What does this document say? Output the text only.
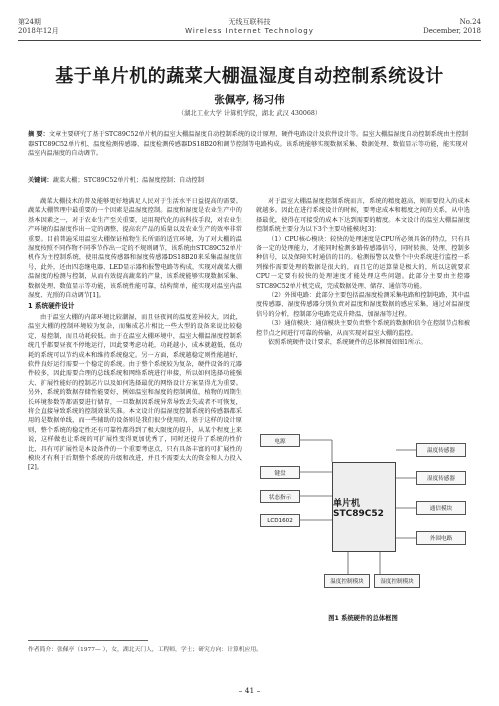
第24期
2018年12月
无线互联科技
Wireless Internet Technology
No.24
December, 2018
基于单片机的蔬菜大棚温湿度自动控制系统设计
张佩亭, 杨习伟
（湖北工业大学 计算机学院，湖北 武汉 430068）
摘 要：文章主要研究了基于STC89C52单片机的温室大棚温湿度自动控制系统的设计原理、硬件电路设计及软件设计等。温室大棚温湿度自动控制系统由主控制器STC89C52单片机、温度检测传感器、温度检测传感器DS18B20和调节控制等电路构成。该系统能够实现数据采集、数据处理、数值显示等功能，能实现对温室内温湿度的自动调节。
关键词：蔬菜大棚；STC89C52单片机；温湿度控制；自动控制

蔬菜大棚技术的普及能够更好地满足人民对于生活水平日益提高的需要。蔬菜大棚管理中最重要的一个因素是温湿度控制。温度和湿度是农业生产中的基本因素之一，对于农业生产至关重要，运用现代化的高科技手段，对农业生产环境的温湿度作出一定的调整，提高农产品的质量以及农业生产的效率非常重要。目前普遍采用温室大棚保证植物生长所需的适宜环境，为了对大棚的温湿度按照不同作物不同季节作出一定的不规则调节，该系统由STC89C52单片机作为主控制系统，使用温度传感器和湿度传感器DS18B20来采集温湿度信号，此外，还由四态继电器、LED显示器和报警电路等构成，实现对蔬菜大棚温湿度的检测与控制，从而有效提高蔬菜的产量，该系统能够实现数据采集、数据处理、数值显示等功能，该系统性能可靠，结构简单，能实现对温室内温湿度、光照的自动调节[1]。

1 系统硬件设计

由于温室大棚的内部环境比较潮湿，而且昼夜间的温度差异较大，因此，温室大棚的控制环境较为复杂，而集成芯片相比一些大型的设备来说比较稳定，易控制，而且功耗较低。由于在温室大棚环境中，温室大棚温湿度控制系统几乎都要昼夜不停地运行，因此要考虑功耗，功耗越小，成本就越低，低功耗的系统可以节约成本和维持系统稳定。另一方面，系统越稳定则性能越好，软件良好运行需要一个稳定的系统。由于整个系统较为复杂，硬件设备的元器件较多，因此需要合理的总线系统和网络系统进行串接，所以如何选择功能强大、扩展性能好的控制芯片以及如何选择最优的网络设计方案显得尤为重要。另外，系统的数据存储性能要好，例如温室和湿度的控制阈值，植物的周期生长环境参数等都需要进行储存，一旦数据因系统异常导致丢失或者不可恢复，将会直接导致系统的控制效果失准。本文设计的温湿度控制系统的传感器都采用的是数据单线，而一些辅助的设备则是我们很少使用的，基于这样的设计原则，整个系统的稳定性还有可靠性都得到了极大限度的提升，从某个程度上来说，这样做也让系统的可扩展性变得更加优秀了，同时还提升了系统的性价比，具有可扩展性是本设备件的一个重要考虑点，只有具备丰富的可扩展性的模块才有利于后期整个系统的升级和改进，并且不需要太大的资金和人力投入[2]。

对于温室大棚温湿度控制系统而言，系统的精度越高，则需要投入的成本就越多。因此在进行系统设计的时候，要考虑成本和精度之间的关系，从中选择最优，使得在可接受的成本下达到需要的精度。本文设计的温室大棚温湿度控制系统主要分为以下3个主要功能模块[3]：

（1）CPU核心模块：较快的处理速度是CPU所必须具备的特点，只有具备一定的处理能力，才能同时检测多路传感器信号，同时转换、处理、控制多种信号，以及保障实时通信的目的。检测报警以及整个中央系统进行监控一系列操作需要处理的数据是很大的，而且它的运算量是极大的，所以这就要求CPU一定要有较快的处理速度才能处理这些问题。此部分主要由主控器STC89C52单片机完成，完成数据处理、储存、通信等功能。

（2）外围电路：此部分主要包括温湿度检测采集电路和控制电路，其中温度传感器、湿度传感器分别负责对温度和湿度数据的感应采集，通过对温湿度信号的分析，控制部分电路完成升降温、加湿湿等过程。

（3）通信模块：通信模块主要负责整个系统的数据和信令在控制节点和被控节点之间进行可靠的传输，从而实现对温室大棚的监控。

依照系统硬件设计要求，系统硬件的总体框图如图1所示。

电源
键盘
状态指示
LCD1602
单片机STC89C52
温度传感器
湿度传感器
通信模块
外围电路
温度控制模块	湿度控制模块
图1 系统硬件的总体框图
作者简介：张佩亭（1977— ），女，湖北天门人，工程师，学士；研究方向：计算机应用。
– 41 –
